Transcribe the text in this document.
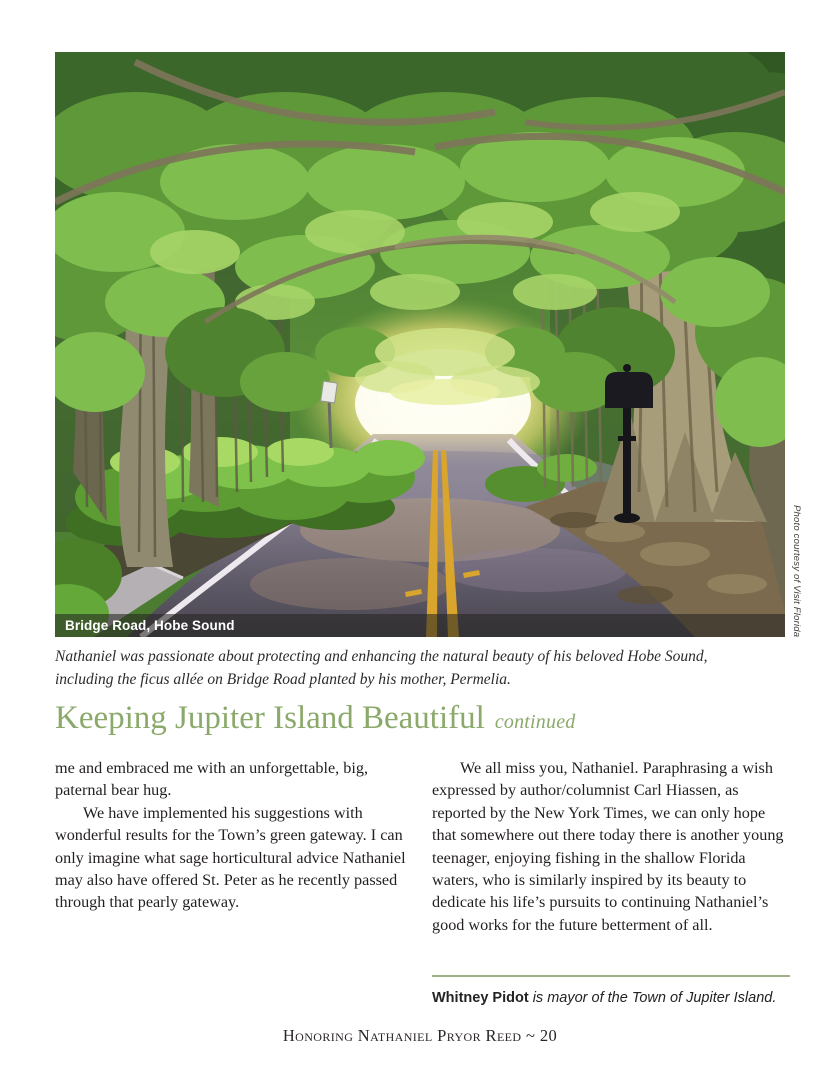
Bridge Road, Hobe Sound	Photo courtesy of Visit Florida
Nathaniel was passionate about protecting and enhancing the natural beauty of his beloved Hobe Sound, including the ficus allée on Bridge Road planted by his mother, Permelia.
Keeping Jupiter Island Beautiful continued

me and embraced me with an unforgettable, big, paternal bear hug.

We have implemented his suggestions with wonderful results for the Town’s green gateway. I can only imagine what sage horticultural advice Nathaniel may also have offered St. Peter as he recently passed through that pearly gateway.

We all miss you, Nathaniel. Paraphrasing a wish expressed by author/columnist Carl Hiassen, as reported by the New York Times, we can only hope that somewhere out there today there is another young teenager, enjoying fishing in the shallow Florida waters, who is similarly inspired by its beauty to dedicate his life’s pursuits to continuing Nathaniel’s good works for the future betterment of all.

Whitney Pidot is mayor of the Town of Jupiter Island.
Honoring Nathaniel Pryor Reed ~ 20
